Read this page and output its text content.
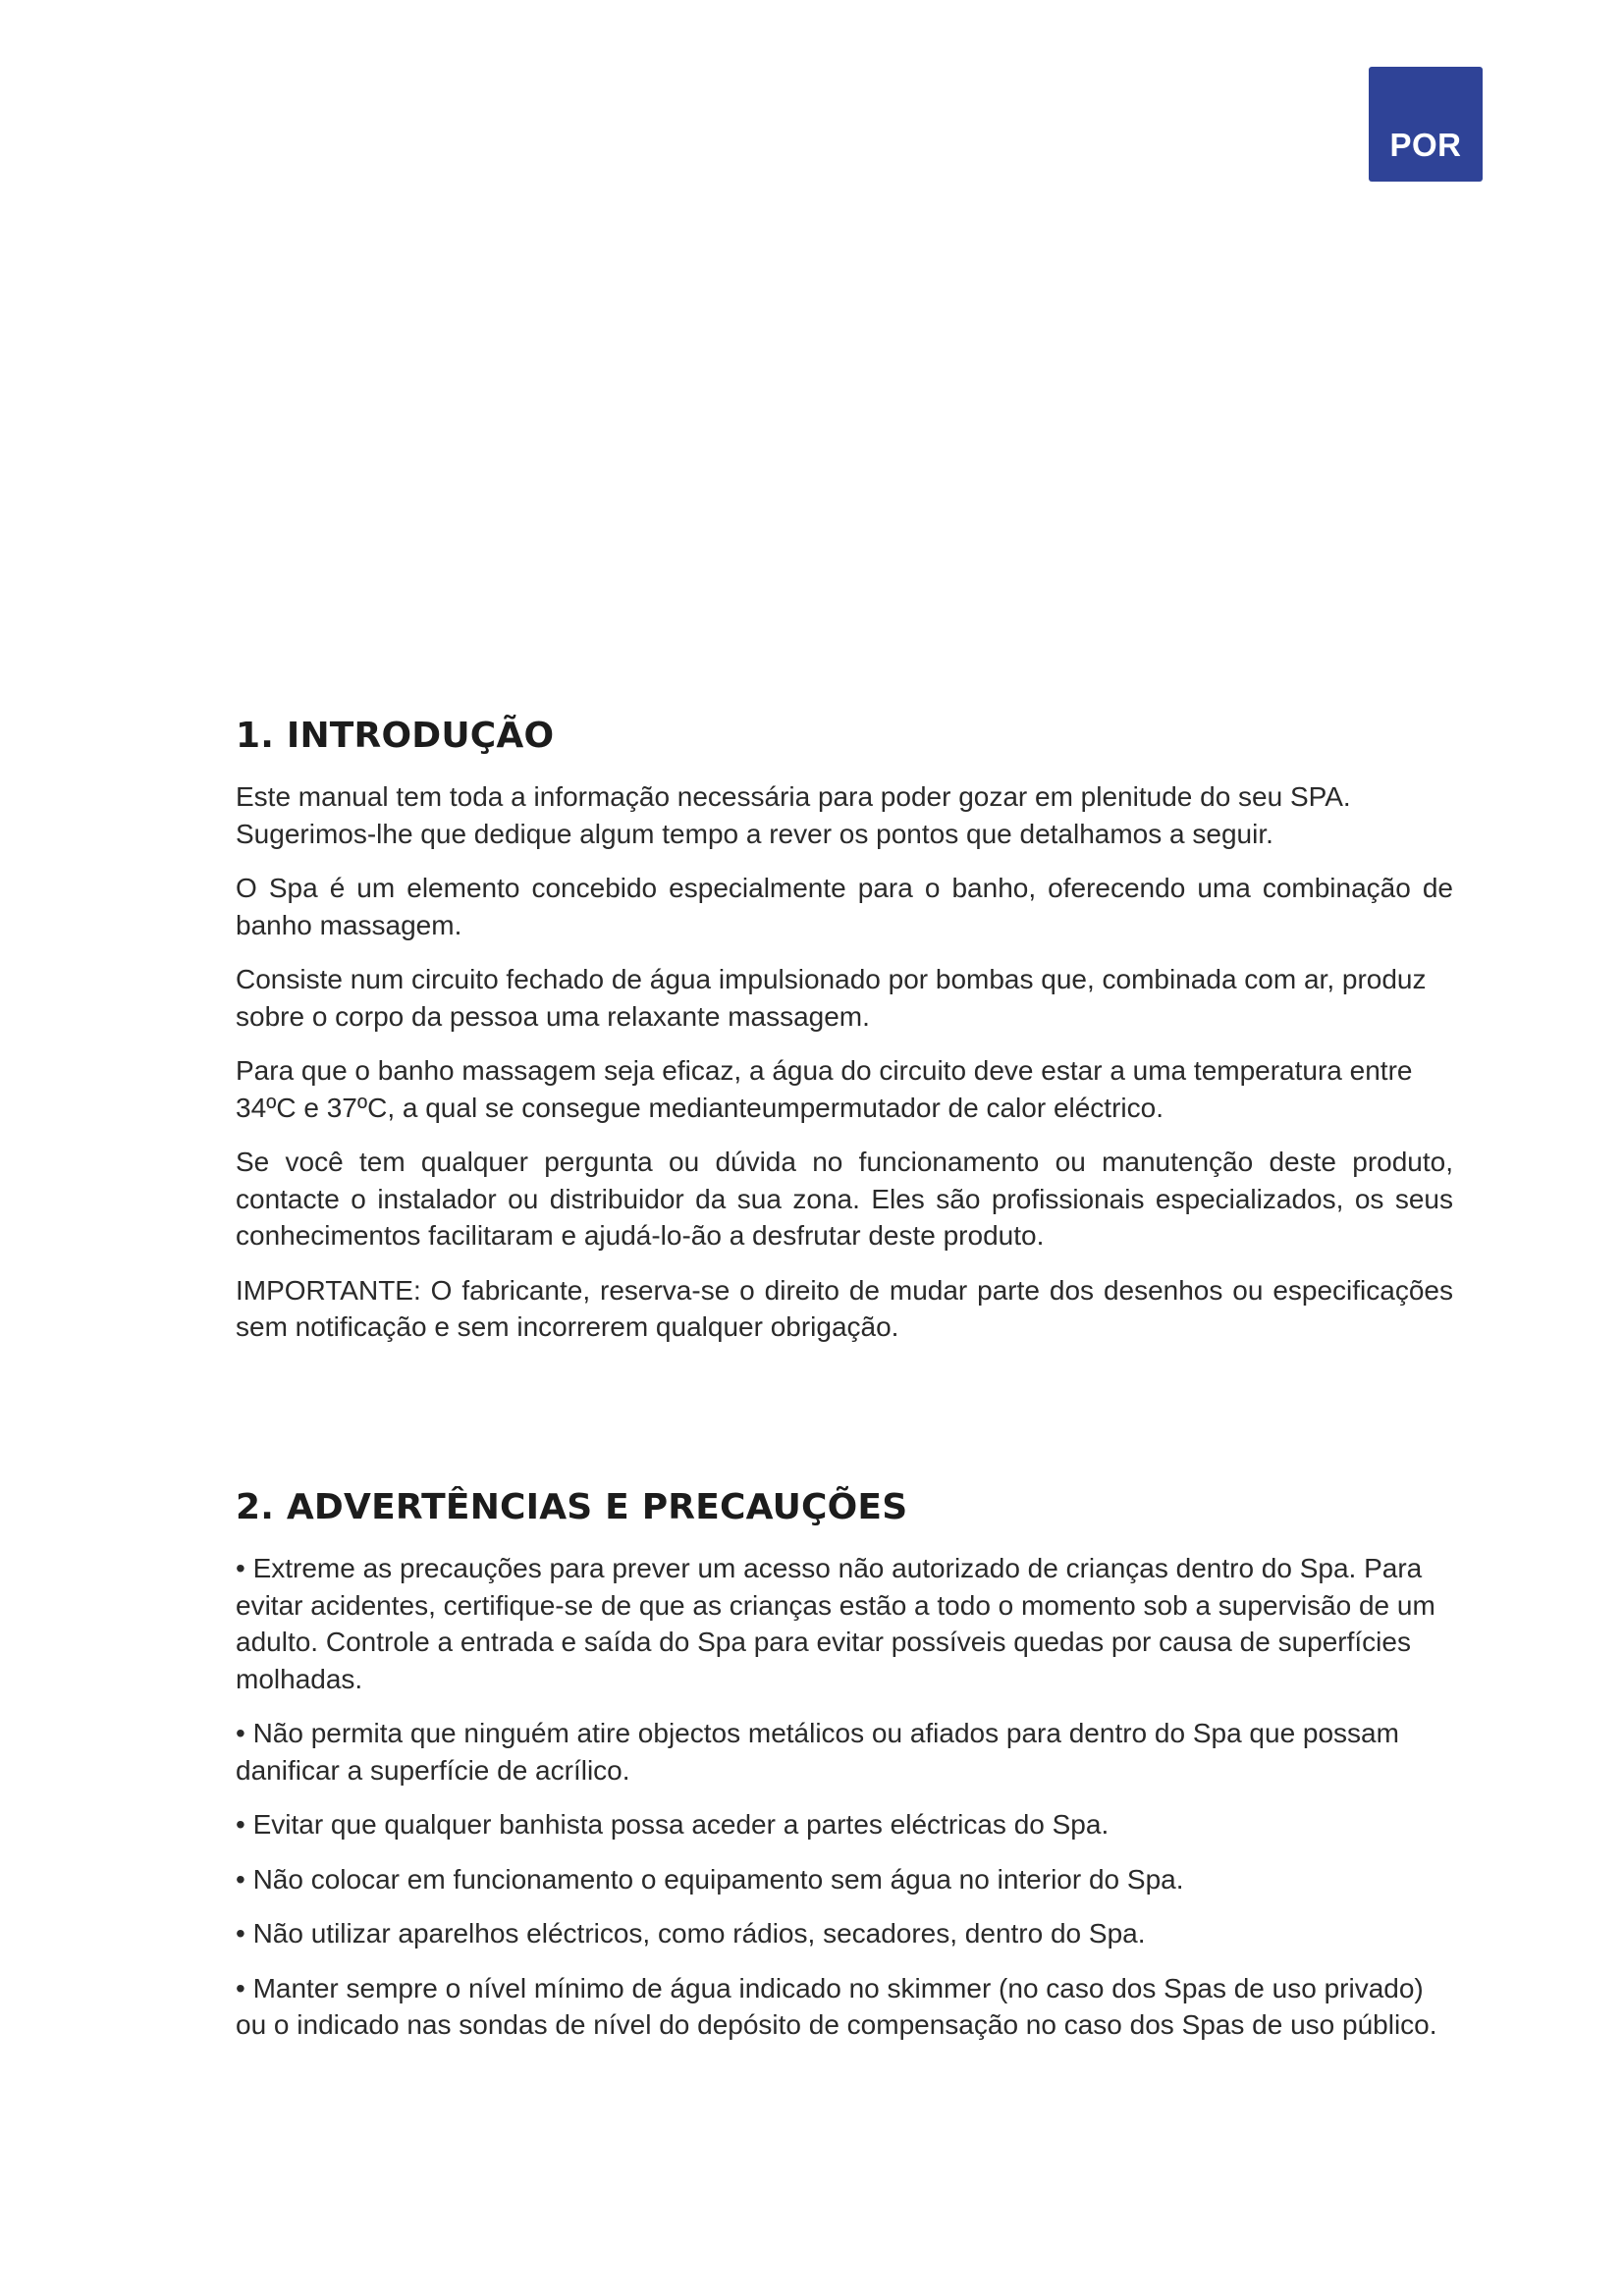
POR
1. INTRODUÇÃO

Este manual tem toda a informação necessária para poder gozar em plenitude do seu SPA. Sugerimos-lhe que dedique algum tempo a rever os pontos que detalhamos a seguir.

O Spa é um elemento concebido especialmente para o banho, oferecendo uma combinação de banho massagem.

Consiste num circuito fechado de água impulsionado por bombas que, combinada com ar, produz sobre o corpo da pessoa uma relaxante massagem.

Para que o banho massagem seja eficaz, a água do circuito deve estar a uma temperatura entre 34ºC e 37ºC, a qual se consegue medianteumpermutador de calor eléctrico.

Se você tem qualquer pergunta ou dúvida no funcionamento ou manutenção deste produto, contacte o instalador ou distribuidor da sua zona. Eles são profissionais especializados, os seus conhecimentos facilitaram e ajudá-lo-ão a desfrutar deste produto.

IMPORTANTE: O fabricante, reserva-se o direito de mudar parte dos desenhos ou especificações sem notificação e sem incorrerem qualquer obrigação.

2. ADVERTÊNCIAS E PRECAUÇÕES

• Extreme as precauções para prever um acesso não autorizado de crianças dentro do Spa. Para evitar acidentes, certifique-se de que as crianças estão a todo o momento sob a supervisão de um adulto. Controle a entrada e saída do Spa para evitar possíveis quedas por causa de superfícies molhadas.

• Não permita que ninguém atire objectos metálicos ou afiados para dentro do Spa que possam danificar a superfície de acrílico.

• Evitar que qualquer banhista possa aceder a partes eléctricas do Spa.

• Não colocar em funcionamento o equipamento sem água no interior do Spa.

• Não utilizar aparelhos eléctricos, como rádios, secadores, dentro do Spa.

• Manter sempre o nível mínimo de água indicado no skimmer (no caso dos Spas de uso privado) ou o indicado nas sondas de nível do depósito de compensação no caso dos Spas de uso público.
